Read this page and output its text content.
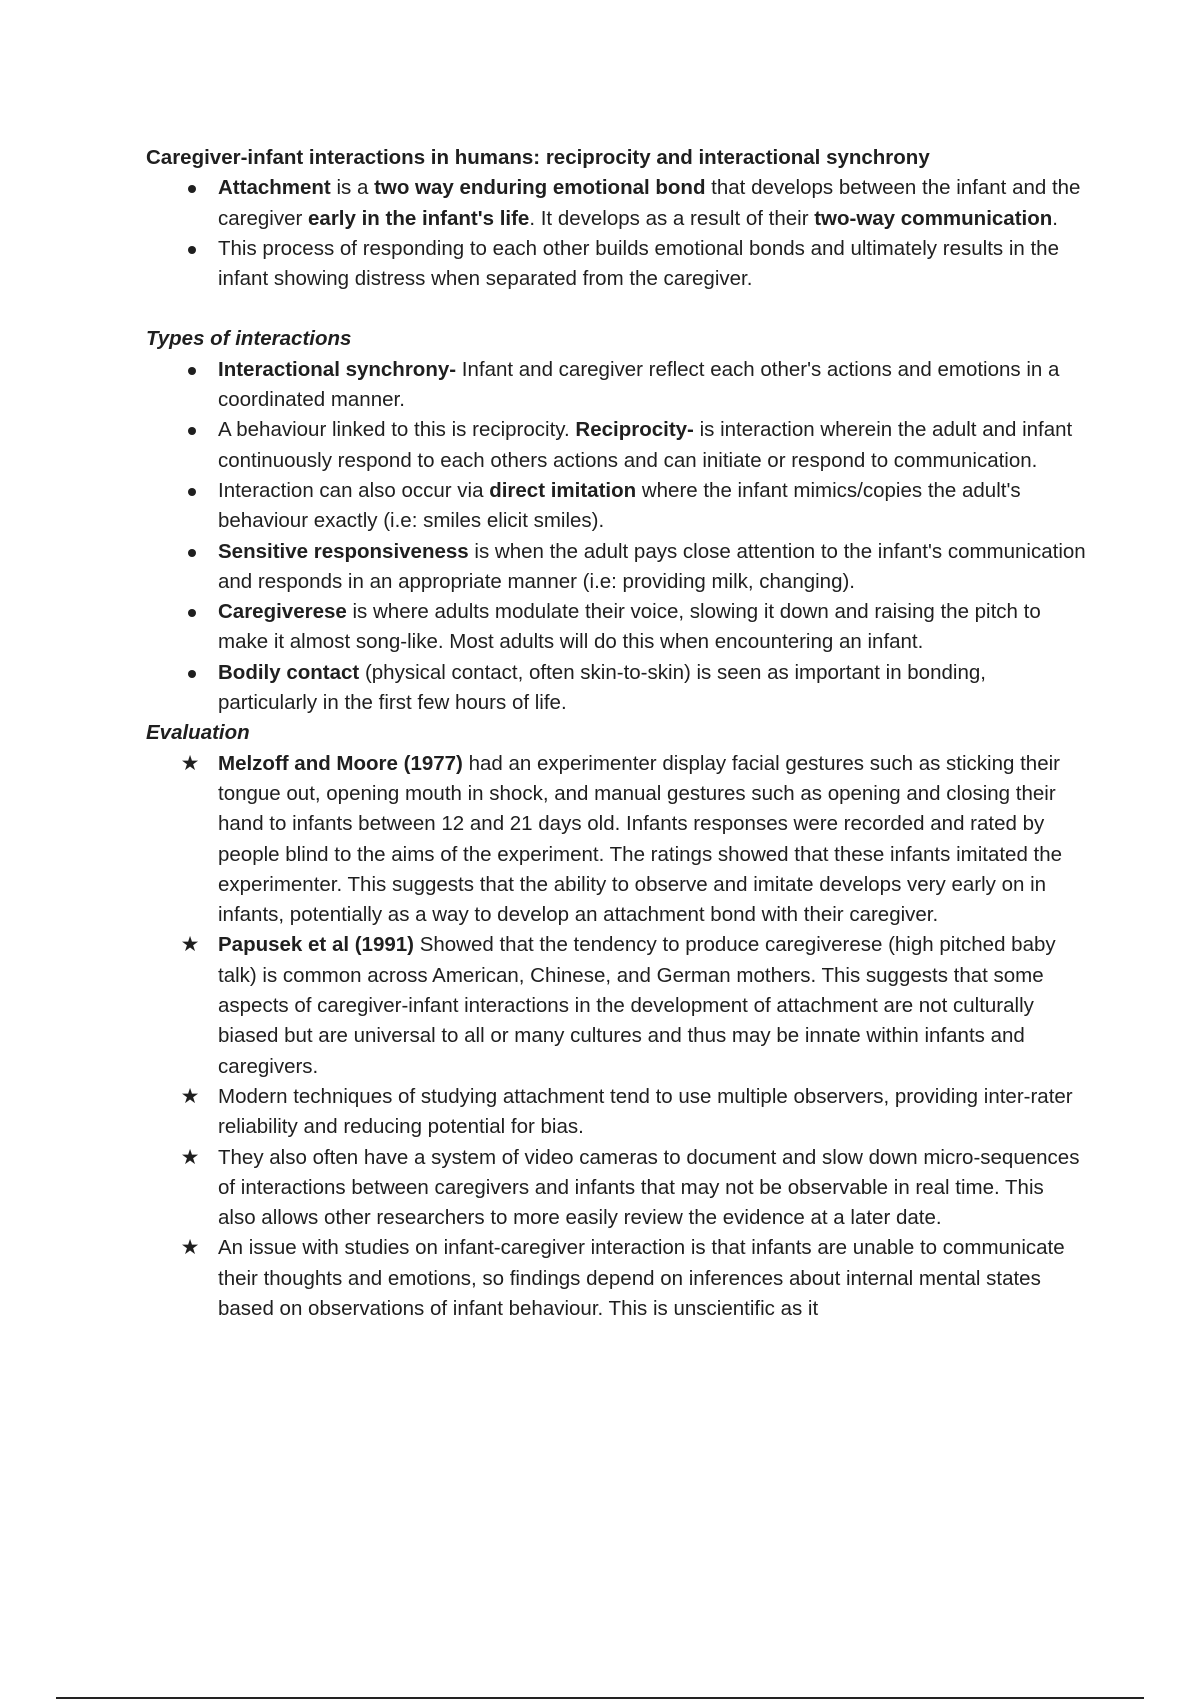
Caregiver-infant interactions in humans: reciprocity and interactional synchrony

Attachment is a two way enduring emotional bond that develops between the infant and the caregiver early in the infant's life. It develops as a result of their two-way communication.
This process of responding to each other builds emotional bonds and ultimately results in the infant showing distress when separated from the caregiver.

Types of interactions

Interactional synchrony- Infant and caregiver reflect each other's actions and emotions in a coordinated manner.
A behaviour linked to this is reciprocity. Reciprocity- is interaction wherein the adult and infant continuously respond to each others actions and can initiate or respond to communication.
Interaction can also occur via direct imitation where the infant mimics/copies the adult's behaviour exactly (i.e: smiles elicit smiles).
Sensitive responsiveness is when the adult pays close attention to the infant's communication and responds in an appropriate manner (i.e: providing milk, changing).
Caregiverese is where adults modulate their voice, slowing it down and raising the pitch to make it almost song-like. Most adults will do this when encountering an infant.
Bodily contact (physical contact, often skin-to-skin) is seen as important in bonding, particularly in the first few hours of life.

Evaluation

★ Melzoff and Moore (1977) had an experimenter display facial gestures such as sticking their tongue out, opening mouth in shock, and manual gestures such as opening and closing their hand to infants between 12 and 21 days old. Infants responses were recorded and rated by people blind to the aims of the experiment. The ratings showed that these infants imitated the experimenter. This suggests that the ability to observe and imitate develops very early on in infants, potentially as a way to develop an attachment bond with their caregiver.
★ Papusek et al (1991) Showed that the tendency to produce caregiverese (high pitched baby talk) is common across American, Chinese, and German mothers. This suggests that some aspects of caregiver-infant interactions in the development of attachment are not culturally biased but are universal to all or many cultures and thus may be innate within infants and caregivers.
★ Modern techniques of studying attachment tend to use multiple observers, providing inter-rater reliability and reducing potential for bias.
★ They also often have a system of video cameras to document and slow down micro-sequences of interactions between caregivers and infants that may not be observable in real time. This also allows other researchers to more easily review the evidence at a later date.
★ An issue with studies on infant-caregiver interaction is that infants are unable to communicate their thoughts and emotions, so findings depend on inferences about internal mental states based on observations of infant behaviour. This is unscientific as it
